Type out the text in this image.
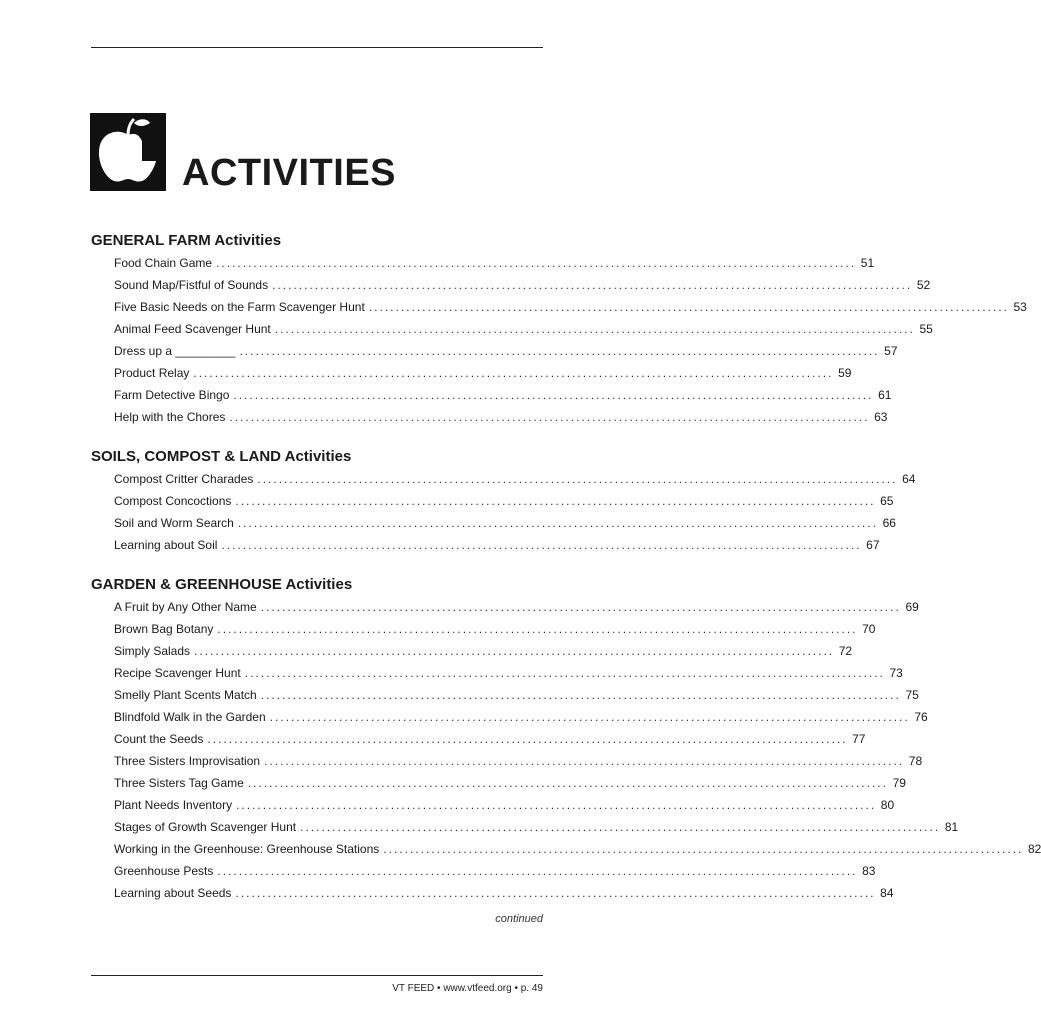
ACTIVITIES
GENERAL FARM Activities
Food Chain Game ........................................................................................................................ 51
Sound Map/Fistful of Sounds ........................................................................................................................ 52
Five Basic Needs on the Farm Scavenger Hunt ........................................................................................................................ 53
Animal Feed Scavenger Hunt ........................................................................................................................ 55
Dress up a _________ ........................................................................................................................ 57
Product Relay ........................................................................................................................ 59
Farm Detective Bingo ........................................................................................................................ 61
Help with the Chores ........................................................................................................................ 63
SOILS, COMPOST & LAND Activities
Compost Critter Charades ........................................................................................................................ 64
Compost Concoctions ........................................................................................................................ 65
Soil and Worm Search ........................................................................................................................ 66
Learning about Soil ........................................................................................................................ 67
GARDEN & GREENHOUSE Activities
A Fruit by Any Other Name ........................................................................................................................ 69
Brown Bag Botany ........................................................................................................................ 70
Simply Salads ........................................................................................................................ 72
Recipe Scavenger Hunt ........................................................................................................................ 73
Smelly Plant Scents Match ........................................................................................................................ 75
Blindfold Walk in the Garden ........................................................................................................................ 76
Count the Seeds ........................................................................................................................ 77
Three Sisters Improvisation ........................................................................................................................ 78
Three Sisters Tag Game ........................................................................................................................ 79
Plant Needs Inventory ........................................................................................................................ 80
Stages of Growth Scavenger Hunt ........................................................................................................................ 81
Working in the Greenhouse: Greenhouse Stations ........................................................................................................................ 82
Greenhouse Pests ........................................................................................................................ 83
Learning about Seeds ........................................................................................................................ 84
continued
VT FEED • www.vtfeed.org • p. 49
